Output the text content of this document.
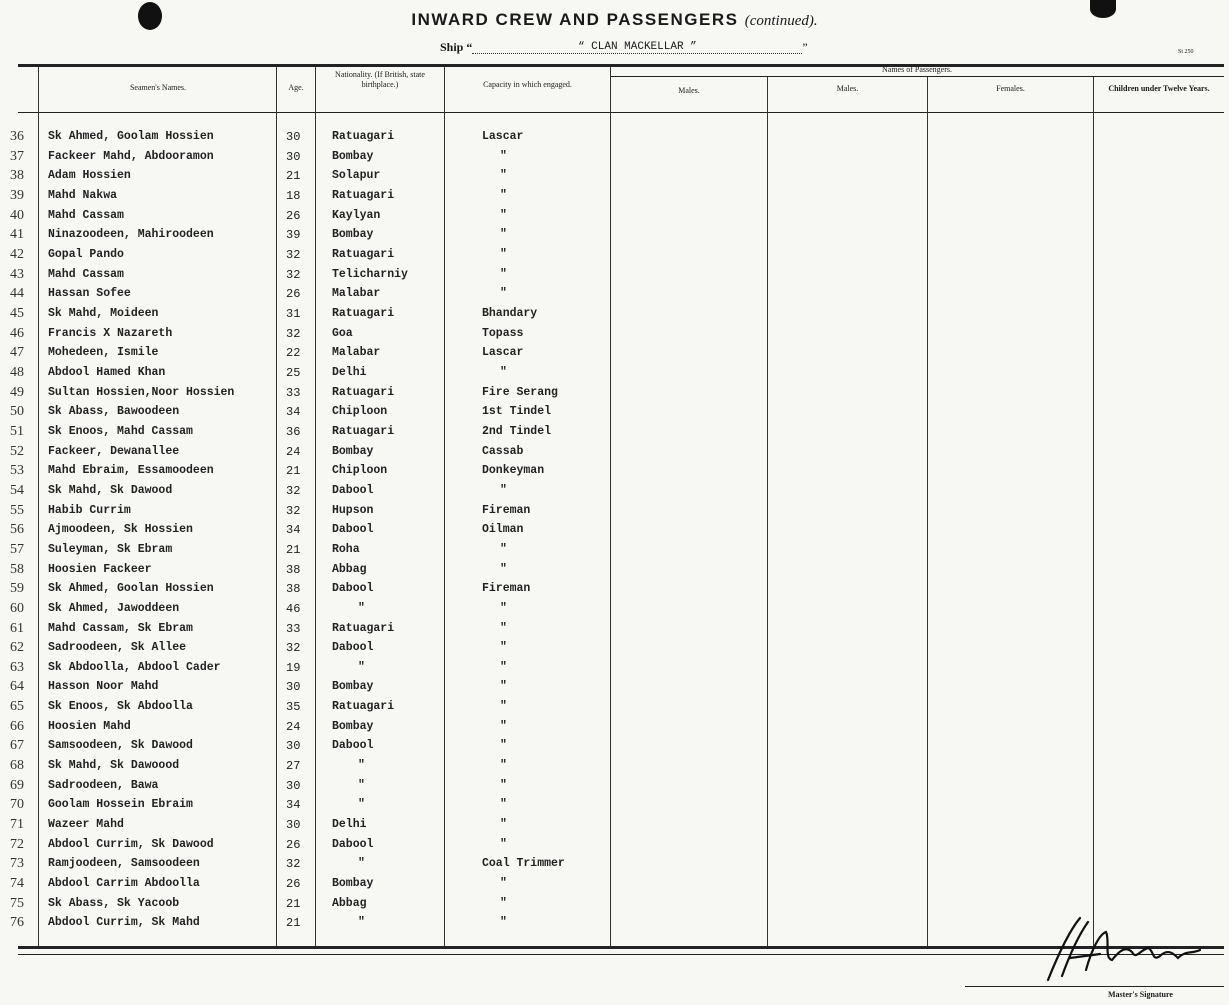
INWARD CREW AND PASSENGERS (continued).
Ship “	“ CLAN MACKELLAR ”	”	St 250
Seamen's Names.	Age.
Nationality. (If British, state birthplace.)	Capacity in which engaged.
Names of Passengers.
Males.	Males.	Females.	Children under Twelve Years.
36	Sk Ahmed, Goolam Hossien	30	Ratuagari	Lascar
37	Fackeer Mahd, Abdooramon	30	Bombay	"
38	Adam Hossien	21	Solapur	"
39	Mahd Nakwa	18	Ratuagari	"
40	Mahd Cassam	26	Kaylyan	"
41	Ninazoodeen, Mahiroodeen	39	Bombay	"
42	Gopal Pando	32	Ratuagari	"
43	Mahd Cassam	32	Telicharniy	"
44	Hassan Sofee	26	Malabar	"
45	Sk Mahd, Moideen	31	Ratuagari	Bhandary
46	Francis X Nazareth	32	Goa	Topass
47	Mohedeen, Ismile	22	Malabar	Lascar
48	Abdool Hamed Khan	25	Delhi	"
49	Sultan Hossien,Noor Hossien	33	Ratuagari	Fire Serang
50	Sk Abass, Bawoodeen	34	Chiploon	1st Tindel
51	Sk Enoos, Mahd Cassam	36	Ratuagari	2nd Tindel
52	Fackeer, Dewanallee	24	Bombay	Cassab
53	Mahd Ebraim, Essamoodeen	21	Chiploon	Donkeyman
54	Sk Mahd, Sk Dawood	32	Dabool	"
55	Habib Currim	32	Hupson	Fireman
56	Ajmoodeen, Sk Hossien	34	Dabool	Oilman
57	Suleyman, Sk Ebram	21	Roha	"
58	Hoosien Fackeer	38	Abbag	"
59	Sk Ahmed, Goolan Hossien	38	Dabool	Fireman
60	Sk Ahmed, Jawoddeen	46	"	"
61	Mahd Cassam, Sk Ebram	33	Ratuagari	"
62	Sadroodeen, Sk Allee	32	Dabool	"
63	Sk Abdoolla, Abdool Cader	19	"	"
64	Hasson Noor Mahd	30	Bombay	"
65	Sk Enoos, Sk Abdoolla	35	Ratuagari	"
66	Hoosien Mahd	24	Bombay	"
67	Samsoodeen, Sk Dawood	30	Dabool	"
68	Sk Mahd, Sk Dawoood	27	"	"
69	Sadroodeen, Bawa	30	"	"
70	Goolam Hossein Ebraim	34	"	"
71	Wazeer Mahd	30	Delhi	"
72	Abdool Currim, Sk Dawood	26	Dabool	"
73	Ramjoodeen, Samsoodeen	32	"	Coal Trimmer
74	Abdool Carrim Abdoolla	26	Bombay	"
75	Sk Abass, Sk Yacoob	21	Abbag	"
76	Abdool Currim, Sk Mahd	21	"	"
Master's Signature
